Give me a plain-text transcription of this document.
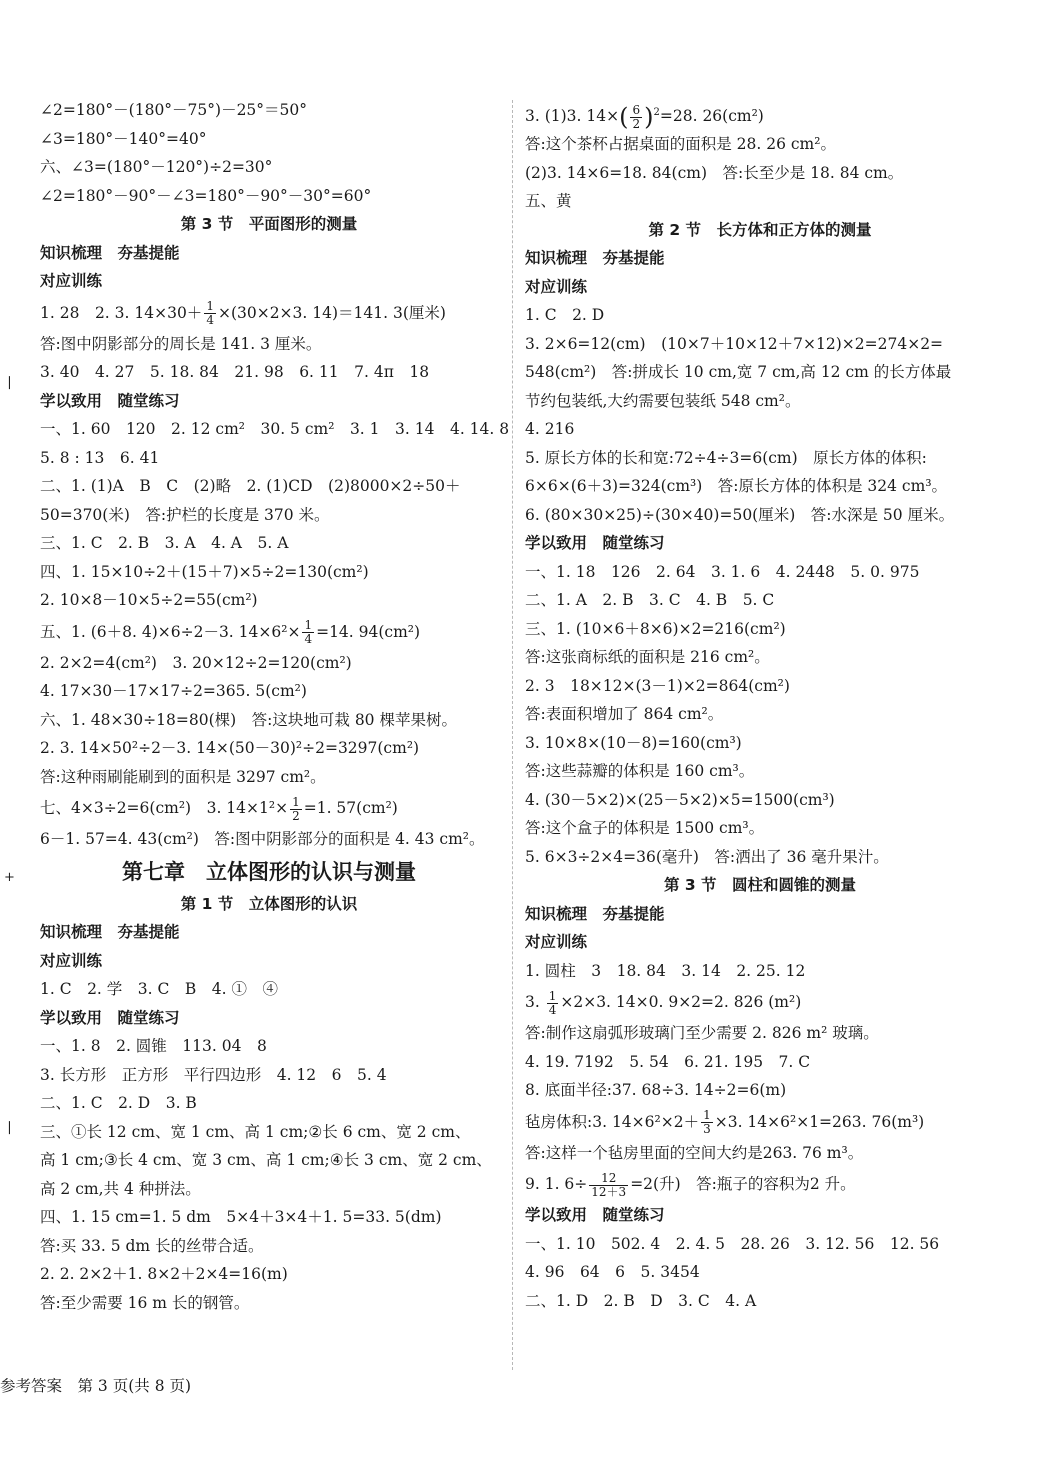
∠2=180°－(180°－75°)－25°＝50°
∠3=180°－140°=40°
六、∠3=(180°－120°)÷2=30°
∠2=180°－90°－∠3=180°－90°－30°=60°
第 3 节　平面图形的测量
知识梳理　夯基提能
对应训练
1. 28　2. 3. $14\times 30+ \frac{1}{4} \times(30\times 2\times 3$. 14)＝141. 3(厘米)
答:图中阴影部分的周长是 141. 3 厘米。
3. 40　4. 27　5. 18. 84　21. 98　6. 11　7. 4π　18
学以致用　随堂练习
一、1. 60　120　2. 12 cm²　30. 5 cm²　3. 1　3. 14　4. 14. 8
5. 8 : 13　6. 41
二、1. (1)A　B　C　(2)略　2. (1)CD　(2)8000×2÷50＋
50=370(米)　答:护栏的长度是 370 米。
三、1. C　2. B　3. A　4. A　5. A
四、1. 15×10÷2＋(15＋7)×5÷2=130(cm²)
2. 10×8－10×5÷2=55(cm²)
五、1. (6＋8. 4)×6÷2－3. $14\times 6^2\times \frac{1}{4} =14$. 94(cm²)
2. 2×2=4(cm²)　3. 20×12÷2=120(cm²)
4. 17×30－17×17÷2=365. 5(cm²)
六、1. 48×30÷18=80(棵)　答:这块地可栽 80 棵苹果树。
2. 3. 14×50²÷2－3. 14×(50－30)²÷2=3297(cm²)
答:这种雨刷能刷到的面积是 3297 cm²。
七、4×3÷2=6(cm²)　3. $14\times 1^2\times \frac{1}{2} =1$. 57(cm²)
6－1. 57=4. 43(cm²)　答:图中阴影部分的面积是 4. 43 cm²。
第七章　立体图形的认识与测量
第 1 节　立体图形的认识
知识梳理　夯基提能
对应训练
1. C　2. 学　3. C　B　4. ①　④
学以致用　随堂练习
一、1. 8　2. 圆锥　113. 04　8
3. 长方形　正方形　平行四边形　4. 12　6　5. 4
二、1. C　2. D　3. B
三、①长 12 cm、宽 1 cm、高 1 cm;②长 6 cm、宽 2 cm、
高 1 cm;③长 4 cm、宽 3 cm、高 1 cm;④长 3 cm、宽 2 cm、
高 2 cm,共 4 种拼法。
四、1. 15 cm=1. 5 dm　5×4＋3×4＋1. 5=33. 5(dm)
答:买 33. 5 dm 长的丝带合适。
2. 2. 2×2＋1. 8×2＋2×4=16(m)
答:至少需要 16 m 长的钢管。
3. (1)3. $14\times( \frac{6}{2} )^2=28$. 26(cm²)
答:这个茶杯占据桌面的面积是 28. 26 cm²。
(2)3. 14×6=18. 84(cm)　答:长至少是 18. 84 cm。
五、黄
第 2 节　长方体和正方体的测量
知识梳理　夯基提能
对应训练
1. C　2. D
3. 2×6=12(cm)　(10×7＋10×12＋7×12)×2=274×2=
548(cm²)　答:拼成长 10 cm,宽 7 cm,高 12 cm 的长方体最
节约包装纸,大约需要包装纸 548 cm²。
4. 216
5. 原长方体的长和宽:72÷4÷3=6(cm)　原长方体的体积:
6×6×(6＋3)=324(cm³)　答:原长方体的体积是 324 cm³。
6. (80×30×25)÷(30×40)=50(厘米)　答:水深是 50 厘米。
学以致用　随堂练习
一、1. 18　126　2. 64　3. 1. 6　4. 2448　5. 0. 975
二、1. A　2. B　3. C　4. B　5. C
三、1. (10×6＋8×6)×2=216(cm²)
答:这张商标纸的面积是 216 cm²。
2. 3　18×12×(3－1)×2=864(cm²)
答:表面积增加了 864 cm²。
3. 10×8×(10－8)=160(cm³)
答:这些蒜瓣的体积是 160 cm³。
4. (30－5×2)×(25－5×2)×5=1500(cm³)
答:这个盒子的体积是 1500 cm³。
5. 6×3÷2×4=36(毫升)　答:洒出了 36 毫升果汁。
第 3 节　圆柱和圆锥的测量
知识梳理　夯基提能
对应训练
1. 圆柱　3　18. 84　3. 14　2. 25. 12
3. $\frac{1}{4} \times 2\times 3$. 14×0. 9×2=2. 826 (m²)
答:制作这扇弧形玻璃门至少需要 2. 826 m² 玻璃。
4. 19. 7192　5. 54　6. 21. 195　7. C
8. 底面半径:37. 68÷3. 14÷2=6(m)
毡房体积:3. $14\times 6^2\times 2+ \frac{1}{3} \times 3$. 14×6²×1=263. 76(m³)
答:这样一个毡房里面的空间大约是263. 76 m³。
9. 1. $6\div \frac{12}{12+3} =2$(升)　答:瓶子的容积为2 升。
学以致用　随堂练习
一、1. 10　502. 4　2. 4. 5　28. 26　3. 12. 56　12. 56
4. 96　64　6　5. 3454
二、1. D　2. B　D　3. C　4. A
❘
+
❘
参考答案　第 3 页(共 8 页)
